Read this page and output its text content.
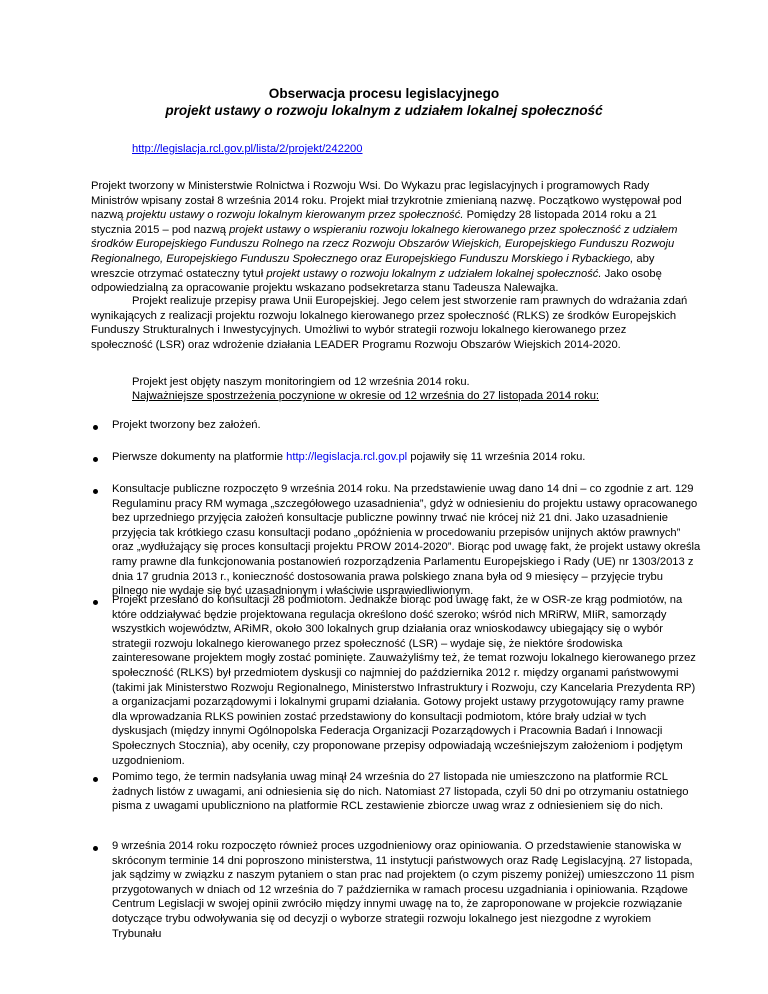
Obserwacja procesu legislacyjnego
projekt ustawy o rozwoju lokalnym z udziałem lokalnej społeczność
http://legislacja.rcl.gov.pl/lista/2/projekt/242200

Projekt tworzony w Ministerstwie Rolnictwa i Rozwoju Wsi. Do Wykazu prac legislacyjnych i programowych Rady Ministrów wpisany został 8 września 2014 roku. Projekt miał trzykrotnie zmienianą nazwę. Początkowo występował pod nazwą projektu ustawy o rozwoju lokalnym kierowanym przez społeczność. Pomiędzy 28 listopada 2014 roku a 21 stycznia 2015 – pod nazwą projekt ustawy o wspieraniu rozwoju lokalnego kierowanego przez społeczność z udziałem środków Europejskiego Funduszu Rolnego na rzecz Rozwoju Obszarów Wiejskich, Europejskiego Funduszu Rozwoju Regionalnego, Europejskiego Funduszu Społecznego oraz Europejskiego Funduszu Morskiego i Rybackiego, aby wreszcie otrzymać ostateczny tytuł projekt ustawy o rozwoju lokalnym z udziałem lokalnej społeczność. Jako osobę odpowiedzialną za opracowanie projektu wskazano podsekretarza stanu Tadeusza Nalewajka.

Projekt realizuje przepisy prawa Unii Europejskiej. Jego celem jest stworzenie ram prawnych do wdrażania zdań wynikających z realizacji projektu rozwoju lokalnego kierowanego przez społeczność (RLKS) ze środków Europejskich Funduszy Strukturalnych i Inwestycyjnych. Umożliwi to wybór strategii rozwoju lokalnego kierowanego przez społeczność (LSR) oraz wdrożenie działania LEADER Programu Rozwoju Obszarów Wiejskich 2014-2020.

Projekt jest objęty naszym monitoringiem od 12 września 2014 roku.

Najważniejsze spostrzeżenia poczynione w okresie od 12 września do 27 listopada 2014 roku:

Projekt tworzony bez założeń.

Pierwsze dokumenty na platformie http://legislacja.rcl.gov.pl pojawiły się 11 września 2014 roku.

Konsultacje publiczne rozpoczęto 9 września 2014 roku. Na przedstawienie uwag dano 14 dni – co zgodnie z art. 129 Regulaminu pracy RM wymaga „szczegółowego uzasadnienia”, gdyż w odniesieniu do projektu ustawy opracowanego bez uprzedniego przyjęcia założeń konsultacje publiczne powinny trwać nie krócej niż 21 dni. Jako uzasadnienie przyjęcia tak krótkiego czasu konsultacji podano „opóźnienia w procedowaniu przepisów unijnych aktów prawnych” oraz „wydłużający się proces konsultacji projektu PROW 2014-2020”. Biorąc pod uwagę fakt, że projekt ustawy określa ramy prawne dla funkcjonowania postanowień rozporządzenia Parlamentu Europejskiego i Rady (UE) nr 1303/2013 z dnia 17 grudnia 2013 r., konieczność dostosowania prawa polskiego znana była od 9 miesięcy – przyjęcie trybu pilnego nie wydaje się być uzasadnionym i właściwie usprawiedliwionym.

Projekt przesłano do konsultacji 28 podmiotom. Jednakże biorąc pod uwagę fakt, że w OSR-ze krąg podmiotów, na które oddziaływać będzie projektowana regulacja określono dość szeroko; wśród nich MRiRW, MIiR, samorządy wszystkich województw, ARiMR, około 300 lokalnych grup działania oraz wnioskodawcy ubiegający się o wybór strategii rozwoju lokalnego kierowanego przez społeczność (LSR) – wydaje się, że niektóre środowiska zainteresowane projektem mogły zostać pominięte. Zauważyliśmy też, że temat rozwoju lokalnego kierowanego przez społeczność (RLKS) był przedmiotem dyskusji co najmniej do października 2012 r. między organami państwowymi (takimi jak Ministerstwo Rozwoju Regionalnego, Ministerstwo Infrastruktury i Rozwoju, czy Kancelaria Prezydenta RP) a organizacjami pozarządowymi i lokalnymi grupami działania. Gotowy projekt ustawy przygotowujący ramy prawne dla wprowadzania RLKS powinien zostać przedstawiony do konsultacji podmiotom, które brały udział w tych dyskusjach (między innymi Ogólnopolska Federacja Organizacji Pozarządowych i Pracownia Badań i Innowacji Społecznych Stocznia), aby oceniły, czy proponowane przepisy odpowiadają wcześniejszym założeniom i podjętym uzgodnieniom.

Pomimo tego, że termin nadsyłania uwag minął 24 września do 27 listopada nie umieszczono na platformie RCL żadnych listów z uwagami, ani odniesienia się do nich. Natomiast 27 listopada, czyli 50 dni po otrzymaniu ostatniego pisma z uwagami upubliczniono na platformie RCL zestawienie zbiorcze uwag wraz z odniesieniem się do nich.

9 września 2014 roku rozpoczęto również proces uzgodnieniowy oraz opiniowania. O przedstawienie stanowiska w skróconym terminie 14 dni poproszono ministerstwa, 11 instytucji państwowych oraz Radę Legislacyjną. 27 listopada, jak sądzimy w związku z naszym pytaniem o stan prac nad projektem (o czym piszemy poniżej) umieszczono 11 pism przygotowanych w dniach od 12 września do 7 października w ramach procesu uzgadniania i opiniowania. Rządowe Centrum Legislacji w swojej opinii zwróciło między innymi uwagę na to, że zaproponowane w projekcie rozwiązanie dotyczące trybu odwoływania się od decyzji o wyborze strategii rozwoju lokalnego jest niezgodne z wyrokiem Trybunału
